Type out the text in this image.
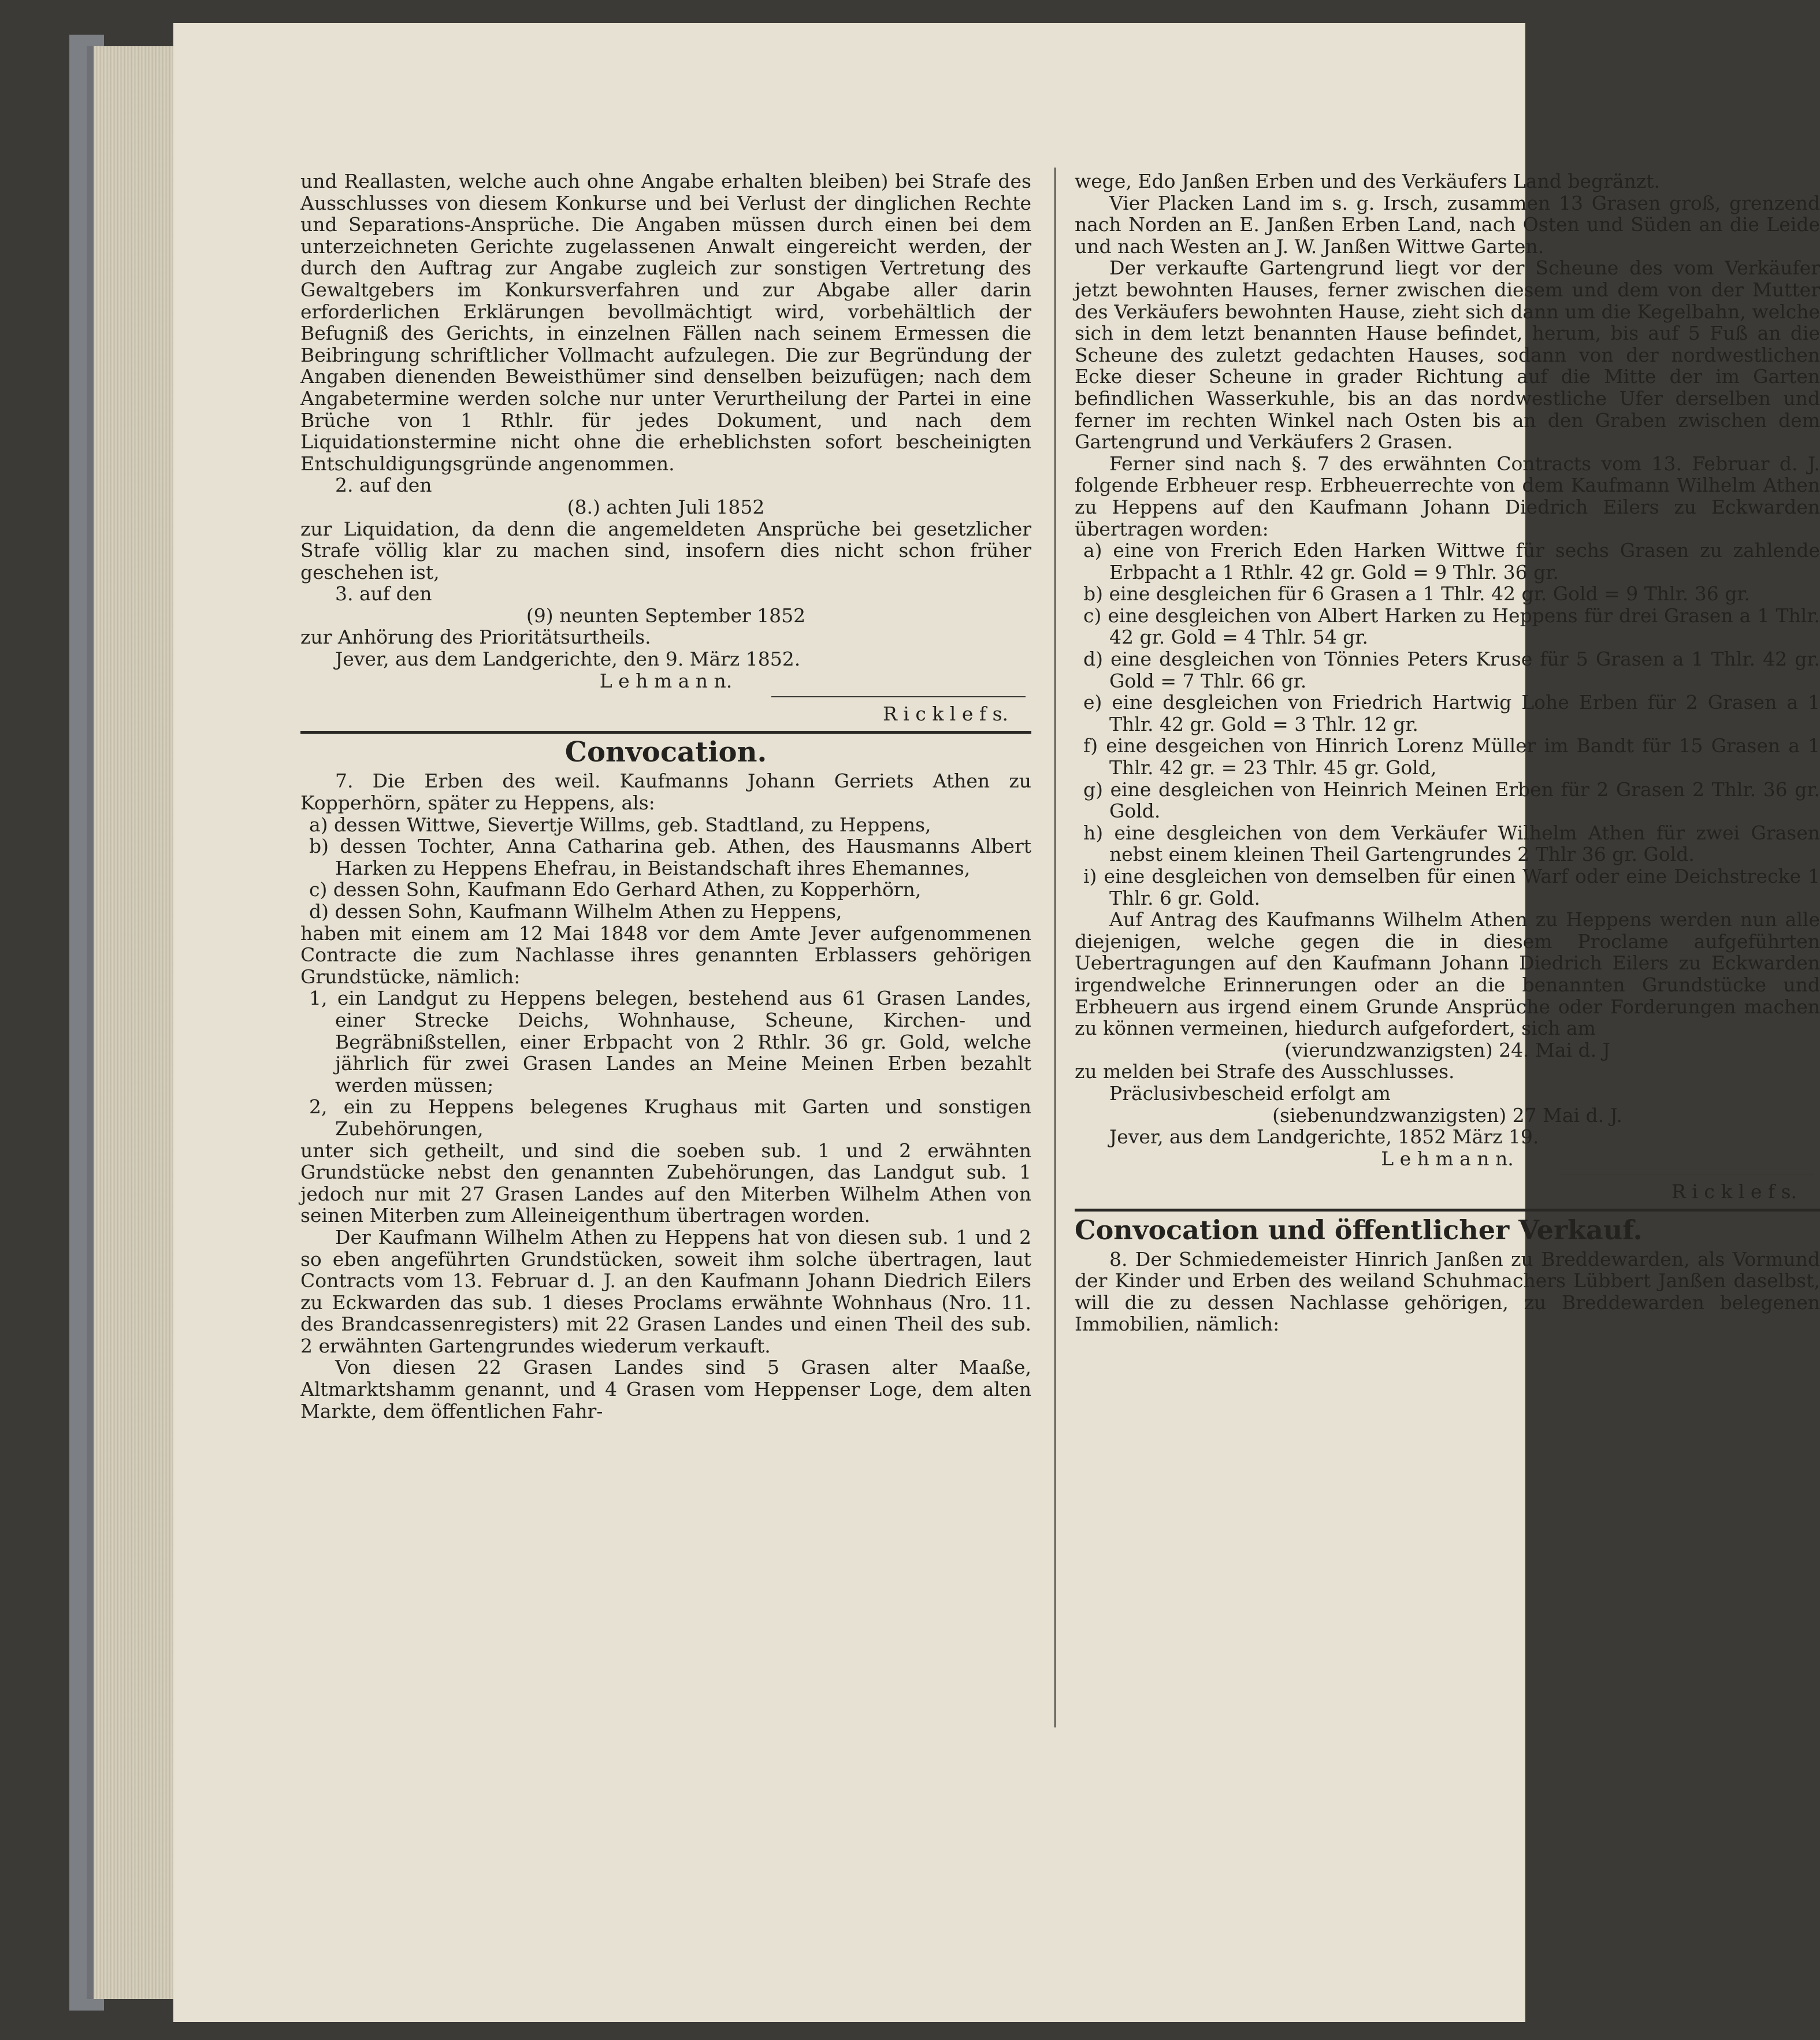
und Reallasten, welche auch ohne Angabe erhalten bleiben) bei Strafe des Ausschlusses von diesem Konkurse und bei Verlust der dinglichen Rechte und Separations-Ansprüche. Die Angaben müssen durch einen bei dem unterzeichneten Gerichte zugelassenen Anwalt eingereicht werden, der durch den Auftrag zur Angabe zugleich zur sonstigen Vertretung des Gewaltgebers im Konkursverfahren und zur Abgabe aller darin erforderlichen Erklärungen bevollmächtigt wird, vorbehältlich der Befugniß des Gerichts, in einzelnen Fällen nach seinem Ermessen die Beibringung schriftlicher Vollmacht aufzulegen. Die zur Begründung der Angaben dienenden Beweisthümer sind denselben beizufügen; nach dem Angabetermine werden solche nur unter Verurtheilung der Partei in eine Brüche von 1 Rthlr. für jedes Dokument, und nach dem Liquidationstermine nicht ohne die erheblichsten sofort bescheinigten Entschuldigungsgründe angenommen.

2. auf den

(8.) achten Juli 1852

zur Liquidation, da denn die angemeldeten Ansprüche bei gesetzlicher Strafe völlig klar zu machen sind, insofern dies nicht schon früher geschehen ist,

3. auf den

(9) neunten September 1852

zur Anhörung des Prioritätsurtheils.

Jever, aus dem Landgerichte, den 9. März 1852.

L e h m a n n.

R i c k l e f s.

Convocation.

7. Die Erben des weil. Kaufmanns Johann Gerriets Athen zu Kopperhörn, später zu Heppens, als:

a) dessen Wittwe, Sievertje Willms, geb. Stadtland, zu Heppens,

b) dessen Tochter, Anna Catharina geb. Athen, des Hausmanns Albert Harken zu Heppens Ehefrau, in Beistandschaft ihres Ehemannes,

c) dessen Sohn, Kaufmann Edo Gerhard Athen, zu Kopperhörn,

d) dessen Sohn, Kaufmann Wilhelm Athen zu Heppens,

haben mit einem am 12 Mai 1848 vor dem Amte Jever aufgenommenen Contracte die zum Nachlasse ihres genannten Erblassers gehörigen Grundstücke, nämlich:

1, ein Landgut zu Heppens belegen, bestehend aus 61 Grasen Landes, einer Strecke Deichs, Wohnhause, Scheune, Kirchen- und Begräbnißstellen, einer Erbpacht von 2 Rthlr. 36 gr. Gold, welche jährlich für zwei Grasen Landes an Meine Meinen Erben bezahlt werden müssen;

2, ein zu Heppens belegenes Krughaus mit Garten und sonstigen Zubehörungen,

unter sich getheilt, und sind die soeben sub. 1 und 2 erwähnten Grundstücke nebst den genannten Zubehörungen, das Landgut sub. 1 jedoch nur mit 27 Grasen Landes auf den Miterben Wilhelm Athen von seinen Miterben zum Alleineigenthum übertragen worden.

Der Kaufmann Wilhelm Athen zu Heppens hat von diesen sub. 1 und 2 so eben angeführten Grundstücken, soweit ihm solche übertragen, laut Contracts vom 13. Februar d. J. an den Kaufmann Johann Diedrich Eilers zu Eckwarden das sub. 1 dieses Proclams erwähnte Wohnhaus (Nro. 11. des Brandcassenregisters) mit 22 Grasen Landes und einen Theil des sub. 2 erwähnten Gartengrundes wiederum verkauft.

Von diesen 22 Grasen Landes sind 5 Grasen alter Maaße, Altmarktshamm genannt, und 4 Grasen vom Heppenser Loge, dem alten Markte, dem öffentlichen Fahr-

wege, Edo Janßen Erben und des Verkäufers Land begränzt.

Vier Placken Land im s. g. Irsch, zusammen 13 Grasen groß, grenzend nach Norden an E. Janßen Erben Land, nach Osten und Süden an die Leide und nach Westen an J. W. Janßen Wittwe Garten.

Der verkaufte Gartengrund liegt vor der Scheune des vom Verkäufer jetzt bewohnten Hauses, ferner zwischen diesem und dem von der Mutter des Verkäufers bewohnten Hause, zieht sich dann um die Kegelbahn, welche sich in dem letzt benannten Hause befindet, herum, bis auf 5 Fuß an die Scheune des zuletzt gedachten Hauses, sodann von der nordwestlichen Ecke dieser Scheune in grader Richtung auf die Mitte der im Garten befindlichen Wasserkuhle, bis an das nordwestliche Ufer derselben und ferner im rechten Winkel nach Osten bis an den Graben zwischen dem Gartengrund und Verkäufers 2 Grasen.

Ferner sind nach §. 7 des erwähnten Contracts vom 13. Februar d. J. folgende Erbheuer resp. Erbheuerrechte von dem Kaufmann Wilhelm Athen zu Heppens auf den Kaufmann Johann Diedrich Eilers zu Eckwarden übertragen worden:

a) eine von Frerich Eden Harken Wittwe für sechs Grasen zu zahlende Erbpacht a 1 Rthlr. 42 gr. Gold = 9 Thlr. 36 gr.

b) eine desgleichen für 6 Grasen a 1 Thlr. 42 gr. Gold = 9 Thlr. 36 gr.

c) eine desgleichen von Albert Harken zu Heppens für drei Grasen a 1 Thlr. 42 gr. Gold = 4 Thlr. 54 gr.

d) eine desgleichen von Tönnies Peters Kruse für 5 Grasen a 1 Thlr. 42 gr. Gold = 7 Thlr. 66 gr.

e) eine desgleichen von Friedrich Hartwig Lohe Erben für 2 Grasen a 1 Thlr. 42 gr. Gold = 3 Thlr. 12 gr.

f) eine desgeichen von Hinrich Lorenz Müller im Bandt für 15 Grasen a 1 Thlr. 42 gr. = 23 Thlr. 45 gr. Gold,

g) eine desgleichen von Heinrich Meinen Erben für 2 Grasen 2 Thlr. 36 gr. Gold.

h) eine desgleichen von dem Verkäufer Wilhelm Athen für zwei Grasen nebst einem kleinen Theil Gartengrundes 2 Thlr 36 gr. Gold.

i) eine desgleichen von demselben für einen Warf oder eine Deichstrecke 1 Thlr. 6 gr. Gold.

Auf Antrag des Kaufmanns Wilhelm Athen zu Heppens werden nun alle diejenigen, welche gegen die in diesem Proclame aufgeführten Uebertragungen auf den Kaufmann Johann Diedrich Eilers zu Eckwarden irgendwelche Erinnerungen oder an die benannten Grundstücke und Erbheuern aus irgend einem Grunde Ansprüche oder Forderungen machen zu können vermeinen, hiedurch aufgefordert, sich am

(vierundzwanzigsten) 24. Mai d. J

zu melden bei Strafe des Ausschlusses.

Präclusivbescheid erfolgt am

(siebenundzwanzigsten) 27 Mai d. J.

Jever, aus dem Landgerichte, 1852 März 19.

L e h m a n n.

R i c k l e f s.

Convocation und öffentlicher Verkauf.

8. Der Schmiedemeister Hinrich Janßen zu Breddewarden, als Vormund der Kinder und Erben des weiland Schuhmachers Lübbert Janßen daselbst, will die zu dessen Nachlasse gehörigen, zu Breddewarden belegenen Immobilien, nämlich:
